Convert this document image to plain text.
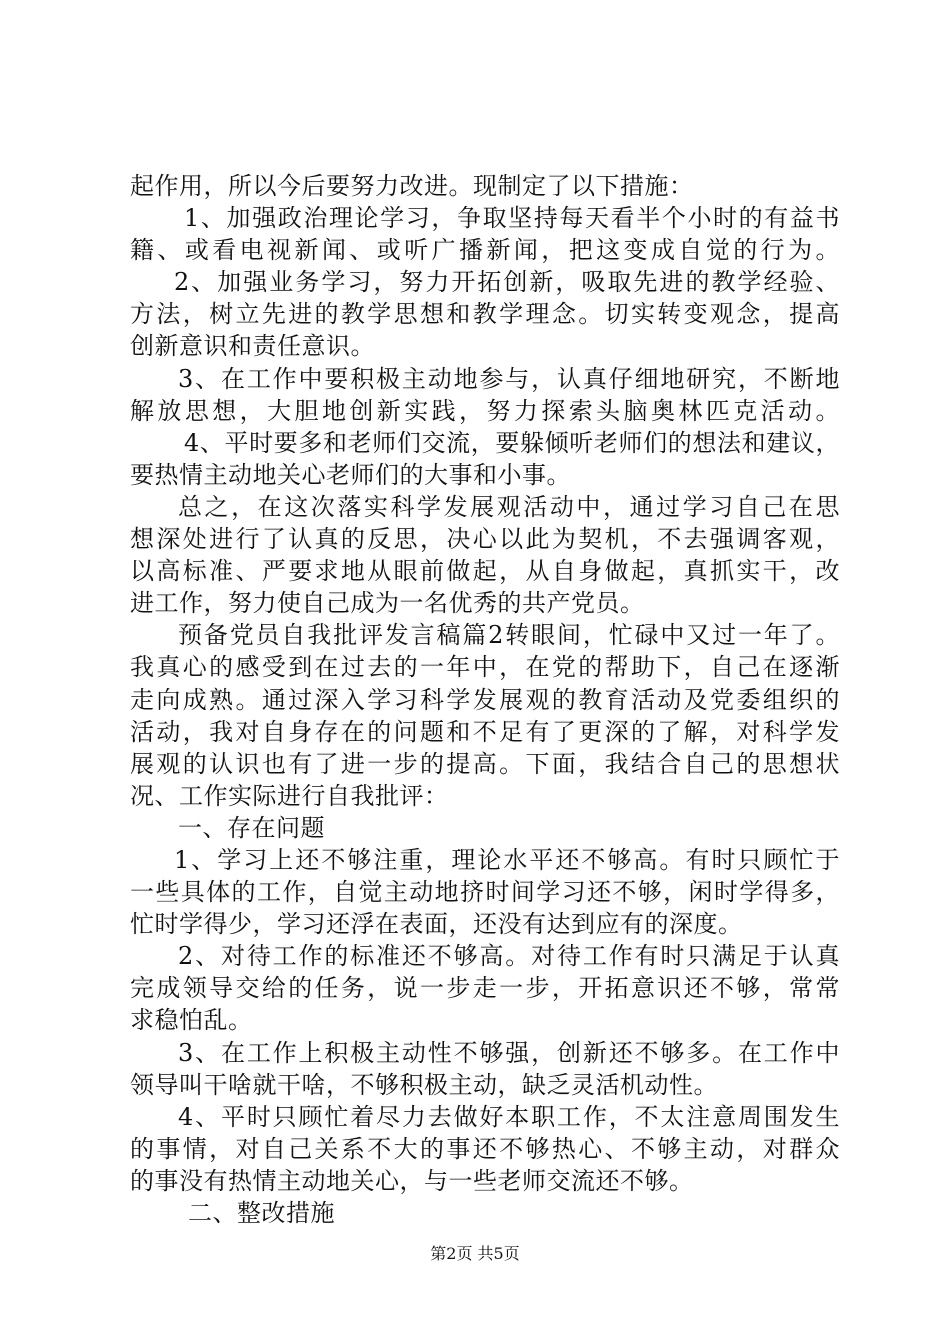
起作用，所以今后要努力改进。现制定了以下措施：
1、加强政治理论学习，争取坚持每天看半个小时的有益书
籍、或看电视新闻、或听广播新闻，把这变成自觉的行为。
2、加强业务学习，努力开拓创新，吸取先进的教学经验、
方法，树立先进的教学思想和教学理念。切实转变观念，提高
创新意识和责任意识。
3、在工作中要积极主动地参与，认真仔细地研究，不断地
解放思想，大胆地创新实践，努力探索头脑奥林匹克活动。
4、平时要多和老师们交流，要躲倾听老师们的想法和建议，
要热情主动地关心老师们的大事和小事。
总之，在这次落实科学发展观活动中，通过学习自己在思
想深处进行了认真的反思，决心以此为契机，不去强调客观，
以高标准、严要求地从眼前做起，从自身做起，真抓实干，改
进工作，努力使自己成为一名优秀的共产党员。
预备党员自我批评发言稿篇2转眼间，忙碌中又过一年了。
我真心的感受到在过去的一年中，在党的帮助下，自己在逐渐
走向成熟。通过深入学习科学发展观的教育活动及党委组织的
活动，我对自身存在的问题和不足有了更深的了解，对科学发
展观的认识也有了进一步的提高。下面，我结合自己的思想状
况、工作实际进行自我批评：
一、存在问题
1、学习上还不够注重，理论水平还不够高。有时只顾忙于
一些具体的工作，自觉主动地挤时间学习还不够，闲时学得多，
忙时学得少，学习还浮在表面，还没有达到应有的深度。
2、对待工作的标准还不够高。对待工作有时只满足于认真
完成领导交给的任务，说一步走一步，开拓意识还不够，常常
求稳怕乱。
3、在工作上积极主动性不够强，创新还不够多。在工作中
领导叫干啥就干啥，不够积极主动，缺乏灵活机动性。
4、平时只顾忙着尽力去做好本职工作，不太注意周围发生
的事情，对自己关系不大的事还不够热心、不够主动，对群众
的事没有热情主动地关心，与一些老师交流还不够。
二、整改措施
第2页 共5页
